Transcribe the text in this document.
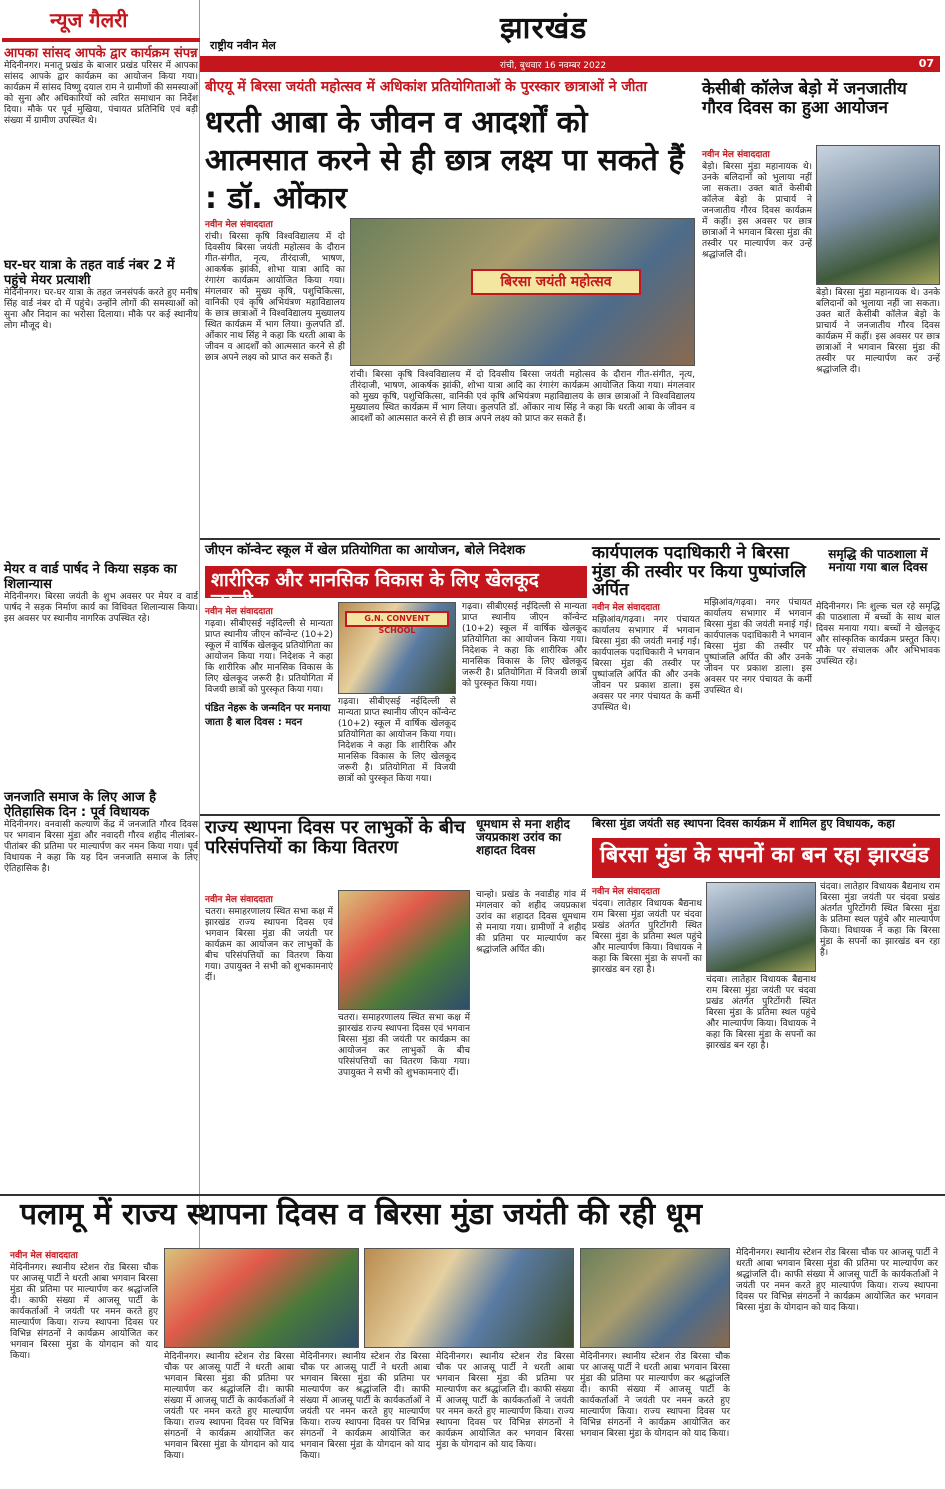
झारखंड
राष्ट्रीय नवीन मेल
रांची, बुधवार 16 नवम्बर 2022	07
न्यूज गैलरी
आपका सांसद आपके द्वार कार्यक्रम संपन्न
मेदिनीनगर। मनातू प्रखंड के बाजार प्रखंड परिसर में आपका सांसद आपके द्वार कार्यक्रम का आयोजन किया गया। कार्यक्रम में सांसद विष्णु दयाल राम ने ग्रामीणों की समस्याओं को सुना और अधिकारियों को त्वरित समाधान का निर्देश दिया। मौके पर पूर्व मुखिया, पंचायत प्रतिनिधि एवं बड़ी संख्या में ग्रामीण उपस्थित थे।
घर-घर यात्रा के तहत वार्ड नंबर 2 में पहुंचे मेयर प्रत्याशी
मेदिनीनगर। घर-घर यात्रा के तहत जनसंपर्क करते हुए मनीष सिंह वार्ड नंबर दो में पहुंचे। उन्होंने लोगों की समस्याओं को सुना और निदान का भरोसा दिलाया। मौके पर कई स्थानीय लोग मौजूद थे।
मेयर व वार्ड पार्षद ने किया सड़क का शिलान्यास
मेदिनीनगर। बिरसा जयंती के शुभ अवसर पर मेयर व वार्ड पार्षद ने सड़क निर्माण कार्य का विधिवत शिलान्यास किया। इस अवसर पर स्थानीय नागरिक उपस्थित रहे।
जनजाति समाज के लिए आज है ऐतिहासिक दिन : पूर्व विधायक
मेदिनीनगर। वनवासी कल्याण केंद्र में जनजाति गौरव दिवस पर भगवान बिरसा मुंडा और नवादरी गौरव शहीद नीलांबर-पीतांबर की प्रतिमा पर माल्यार्पण कर नमन किया गया। पूर्व विधायक ने कहा कि यह दिन जनजाति समाज के लिए ऐतिहासिक है।
बीएयू में बिरसा जयंती महोत्सव में अधिकांश प्रतियोगिताओं के पुरस्कार छात्राओं ने जीता
धरती आबा के जीवन व आदर्शों को आत्मसात करने से ही छात्र लक्ष्य पा सकते हैं : डॉ. ओंकार
नवीन मेल संवाददाता
रांची। बिरसा कृषि विश्वविद्यालय में दो दिवसीय बिरसा जयंती महोत्सव के दौरान गीत-संगीत, नृत्य, तीरंदाजी, भाषण, आकर्षक झांकी, शोभा यात्रा आदि का रंगारंग कार्यक्रम आयोजित किया गया। मंगलवार को मुख्य कृषि, पशुचिकित्सा, वानिकी एवं कृषि अभियंत्रण महाविद्यालय के छात्र छात्राओं ने विश्वविद्यालय मुख्यालय स्थित कार्यक्रम में भाग लिया। कुलपति डॉ. ओंकार नाथ सिंह ने कहा कि धरती आबा के जीवन व आदर्शों को आत्मसात करने से ही छात्र अपने लक्ष्य को प्राप्त कर सकते हैं।
बिरसा जयंती महोत्सव
रांची। बिरसा कृषि विश्वविद्यालय में दो दिवसीय बिरसा जयंती महोत्सव के दौरान गीत-संगीत, नृत्य, तीरंदाजी, भाषण, आकर्षक झांकी, शोभा यात्रा आदि का रंगारंग कार्यक्रम आयोजित किया गया। मंगलवार को मुख्य कृषि, पशुचिकित्सा, वानिकी एवं कृषि अभियंत्रण महाविद्यालय के छात्र छात्राओं ने विश्वविद्यालय मुख्यालय स्थित कार्यक्रम में भाग लिया। कुलपति डॉ. ओंकार नाथ सिंह ने कहा कि धरती आबा के जीवन व आदर्शों को आत्मसात करने से ही छात्र अपने लक्ष्य को प्राप्त कर सकते हैं।
केसीबी कॉलेज बेड़ो में जनजातीय गौरव दिवस का हुआ आयोजन
नवीन मेल संवाददाता
बेड़ो। बिरसा मुंडा महानायक थे। उनके बलिदानों को भुलाया नहीं जा सकता। उक्त बातें केसीबी कॉलेज बेड़ो के प्राचार्य ने जनजातीय गौरव दिवस कार्यक्रम में कहीं। इस अवसर पर छात्र छात्राओं ने भगवान बिरसा मुंडा की तस्वीर पर माल्यार्पण कर उन्हें श्रद्धांजलि दी।
बेड़ो। बिरसा मुंडा महानायक थे। उनके बलिदानों को भुलाया नहीं जा सकता। उक्त बातें केसीबी कॉलेज बेड़ो के प्राचार्य ने जनजातीय गौरव दिवस कार्यक्रम में कहीं। इस अवसर पर छात्र छात्राओं ने भगवान बिरसा मुंडा की तस्वीर पर माल्यार्पण कर उन्हें श्रद्धांजलि दी।
जीएन कॉन्वेन्ट स्कूल में खेल प्रतियोगिता का आयोजन, बोले निदेशक
शारीरिक और मानसिक विकास के लिए खेलकूद जरूरी
नवीन मेल संवाददाता
गढ़वा। सीबीएसई नईदिल्ली से मान्यता प्राप्त स्थानीय जीएन कॉन्वेन्ट (10+2) स्कूल में वार्षिक खेलकूद प्रतियोगिता का आयोजन किया गया। निदेशक ने कहा कि शारीरिक और मानसिक विकास के लिए खेलकूद जरूरी है। प्रतियोगिता में विजयी छात्रों को पुरस्कृत किया गया।
पंडित नेहरू के जन्मदिन पर मनाया जाता है बाल दिवस : मदन
G.N. CONVENT SCHOOL
गढ़वा। सीबीएसई नईदिल्ली से मान्यता प्राप्त स्थानीय जीएन कॉन्वेन्ट (10+2) स्कूल में वार्षिक खेलकूद प्रतियोगिता का आयोजन किया गया। निदेशक ने कहा कि शारीरिक और मानसिक विकास के लिए खेलकूद जरूरी है। प्रतियोगिता में विजयी छात्रों को पुरस्कृत किया गया।
गढ़वा। सीबीएसई नईदिल्ली से मान्यता प्राप्त स्थानीय जीएन कॉन्वेन्ट (10+2) स्कूल में वार्षिक खेलकूद प्रतियोगिता का आयोजन किया गया। निदेशक ने कहा कि शारीरिक और मानसिक विकास के लिए खेलकूद जरूरी है। प्रतियोगिता में विजयी छात्रों को पुरस्कृत किया गया।
कार्यपालक पदाधिकारी ने बिरसा मुंडा की तस्वीर पर किया पुष्पांजलि अर्पित
नवीन मेल संवाददाता
मझिआंव/गढ़वा। नगर पंचायत कार्यालय सभागार में भगवान बिरसा मुंडा की जयंती मनाई गई। कार्यपालक पदाधिकारी ने भगवान बिरसा मुंडा की तस्वीर पर पुष्पांजलि अर्पित की और उनके जीवन पर प्रकाश डाला। इस अवसर पर नगर पंचायत के कर्मी उपस्थित थे।
मझिआंव/गढ़वा। नगर पंचायत कार्यालय सभागार में भगवान बिरसा मुंडा की जयंती मनाई गई। कार्यपालक पदाधिकारी ने भगवान बिरसा मुंडा की तस्वीर पर पुष्पांजलि अर्पित की और उनके जीवन पर प्रकाश डाला। इस अवसर पर नगर पंचायत के कर्मी उपस्थित थे।
समृद्धि की पाठशाला में मनाया गया बाल दिवस
मेदिनीनगर। निः शुल्क चल रहे समृद्धि की पाठशाला में बच्चों के साथ बाल दिवस मनाया गया। बच्चों ने खेलकूद और सांस्कृतिक कार्यक्रम प्रस्तुत किए। मौके पर संचालक और अभिभावक उपस्थित रहे।
राज्य स्थापना दिवस पर लाभुकों के बीच परिसंपत्तियों का किया वितरण
नवीन मेल संवाददाता
चतरा। समाहरणालय स्थित सभा कक्ष में झारखंड राज्य स्थापना दिवस एवं भगवान बिरसा मुंडा की जयंती पर कार्यक्रम का आयोजन कर लाभुकों के बीच परिसंपत्तियों का वितरण किया गया। उपायुक्त ने सभी को शुभकामनाएं दीं।
चतरा। समाहरणालय स्थित सभा कक्ष में झारखंड राज्य स्थापना दिवस एवं भगवान बिरसा मुंडा की जयंती पर कार्यक्रम का आयोजन कर लाभुकों के बीच परिसंपत्तियों का वितरण किया गया। उपायुक्त ने सभी को शुभकामनाएं दीं।
धूमधाम से मना शहीद जयप्रकाश उरांव का शहादत दिवस
चान्हो। प्रखंड के नवाडीह गांव में मंगलवार को शहीद जयप्रकाश उरांव का शहादत दिवस धूमधाम से मनाया गया। ग्रामीणों ने शहीद की प्रतिमा पर माल्यार्पण कर श्रद्धांजलि अर्पित की।
बिरसा मुंडा जयंती सह स्थापना दिवस कार्यक्रम में शामिल हुए विधायक, कहा
बिरसा मुंडा के सपनों का बन रहा झारखंड
नवीन मेल संवाददाता
चंदवा। लातेहार विधायक बैद्यनाथ राम बिरसा मुंडा जयंती पर चंदवा प्रखंड अंतर्गत पुरिटोंगरी स्थित बिरसा मुंडा के प्रतिमा स्थल पहुंचे और माल्यार्पण किया। विधायक ने कहा कि बिरसा मुंडा के सपनों का झारखंड बन रहा है।
चंदवा। लातेहार विधायक बैद्यनाथ राम बिरसा मुंडा जयंती पर चंदवा प्रखंड अंतर्गत पुरिटोंगरी स्थित बिरसा मुंडा के प्रतिमा स्थल पहुंचे और माल्यार्पण किया। विधायक ने कहा कि बिरसा मुंडा के सपनों का झारखंड बन रहा है।
चंदवा। लातेहार विधायक बैद्यनाथ राम बिरसा मुंडा जयंती पर चंदवा प्रखंड अंतर्गत पुरिटोंगरी स्थित बिरसा मुंडा के प्रतिमा स्थल पहुंचे और माल्यार्पण किया। विधायक ने कहा कि बिरसा मुंडा के सपनों का झारखंड बन रहा है।
पलामू में राज्य स्थापना दिवस व बिरसा मुंडा जयंती की रही धूम
नवीन मेल संवाददाता
मेदिनीनगर। स्थानीय स्टेशन रोड बिरसा चौक पर आजसू पार्टी ने धरती आबा भगवान बिरसा मुंडा की प्रतिमा पर माल्यार्पण कर श्रद्धांजलि दी। काफी संख्या में आजसू पार्टी के कार्यकर्ताओं ने जयंती पर नमन करते हुए माल्यार्पण किया। राज्य स्थापना दिवस पर विभिन्न संगठनों ने कार्यक्रम आयोजित कर भगवान बिरसा मुंडा के योगदान को याद किया।	मेदिनीनगर। स्थानीय स्टेशन रोड बिरसा चौक पर आजसू पार्टी ने धरती आबा भगवान बिरसा मुंडा की प्रतिमा पर माल्यार्पण कर श्रद्धांजलि दी। काफी संख्या में आजसू पार्टी के कार्यकर्ताओं ने जयंती पर नमन करते हुए माल्यार्पण किया। राज्य स्थापना दिवस पर विभिन्न संगठनों ने कार्यक्रम आयोजित कर भगवान बिरसा मुंडा के योगदान को याद किया।
मेदिनीनगर। स्थानीय स्टेशन रोड बिरसा चौक पर आजसू पार्टी ने धरती आबा भगवान बिरसा मुंडा की प्रतिमा पर माल्यार्पण कर श्रद्धांजलि दी। काफी संख्या में आजसू पार्टी के कार्यकर्ताओं ने जयंती पर नमन करते हुए माल्यार्पण किया। राज्य स्थापना दिवस पर विभिन्न संगठनों ने कार्यक्रम आयोजित कर भगवान बिरसा मुंडा के योगदान को याद किया।
मेदिनीनगर। स्थानीय स्टेशन रोड बिरसा चौक पर आजसू पार्टी ने धरती आबा भगवान बिरसा मुंडा की प्रतिमा पर माल्यार्पण कर श्रद्धांजलि दी। काफी संख्या में आजसू पार्टी के कार्यकर्ताओं ने जयंती पर नमन करते हुए माल्यार्पण किया। राज्य स्थापना दिवस पर विभिन्न संगठनों ने कार्यक्रम आयोजित कर भगवान बिरसा मुंडा के योगदान को याद किया।
मेदिनीनगर। स्थानीय स्टेशन रोड बिरसा चौक पर आजसू पार्टी ने धरती आबा भगवान बिरसा मुंडा की प्रतिमा पर माल्यार्पण कर श्रद्धांजलि दी। काफी संख्या में आजसू पार्टी के कार्यकर्ताओं ने जयंती पर नमन करते हुए माल्यार्पण किया। राज्य स्थापना दिवस पर विभिन्न संगठनों ने कार्यक्रम आयोजित कर भगवान बिरसा मुंडा के योगदान को याद किया।
मेदिनीनगर। स्थानीय स्टेशन रोड बिरसा चौक पर आजसू पार्टी ने धरती आबा भगवान बिरसा मुंडा की प्रतिमा पर माल्यार्पण कर श्रद्धांजलि दी। काफी संख्या में आजसू पार्टी के कार्यकर्ताओं ने जयंती पर नमन करते हुए माल्यार्पण किया। राज्य स्थापना दिवस पर विभिन्न संगठनों ने कार्यक्रम आयोजित कर भगवान बिरसा मुंडा के योगदान को याद किया।
